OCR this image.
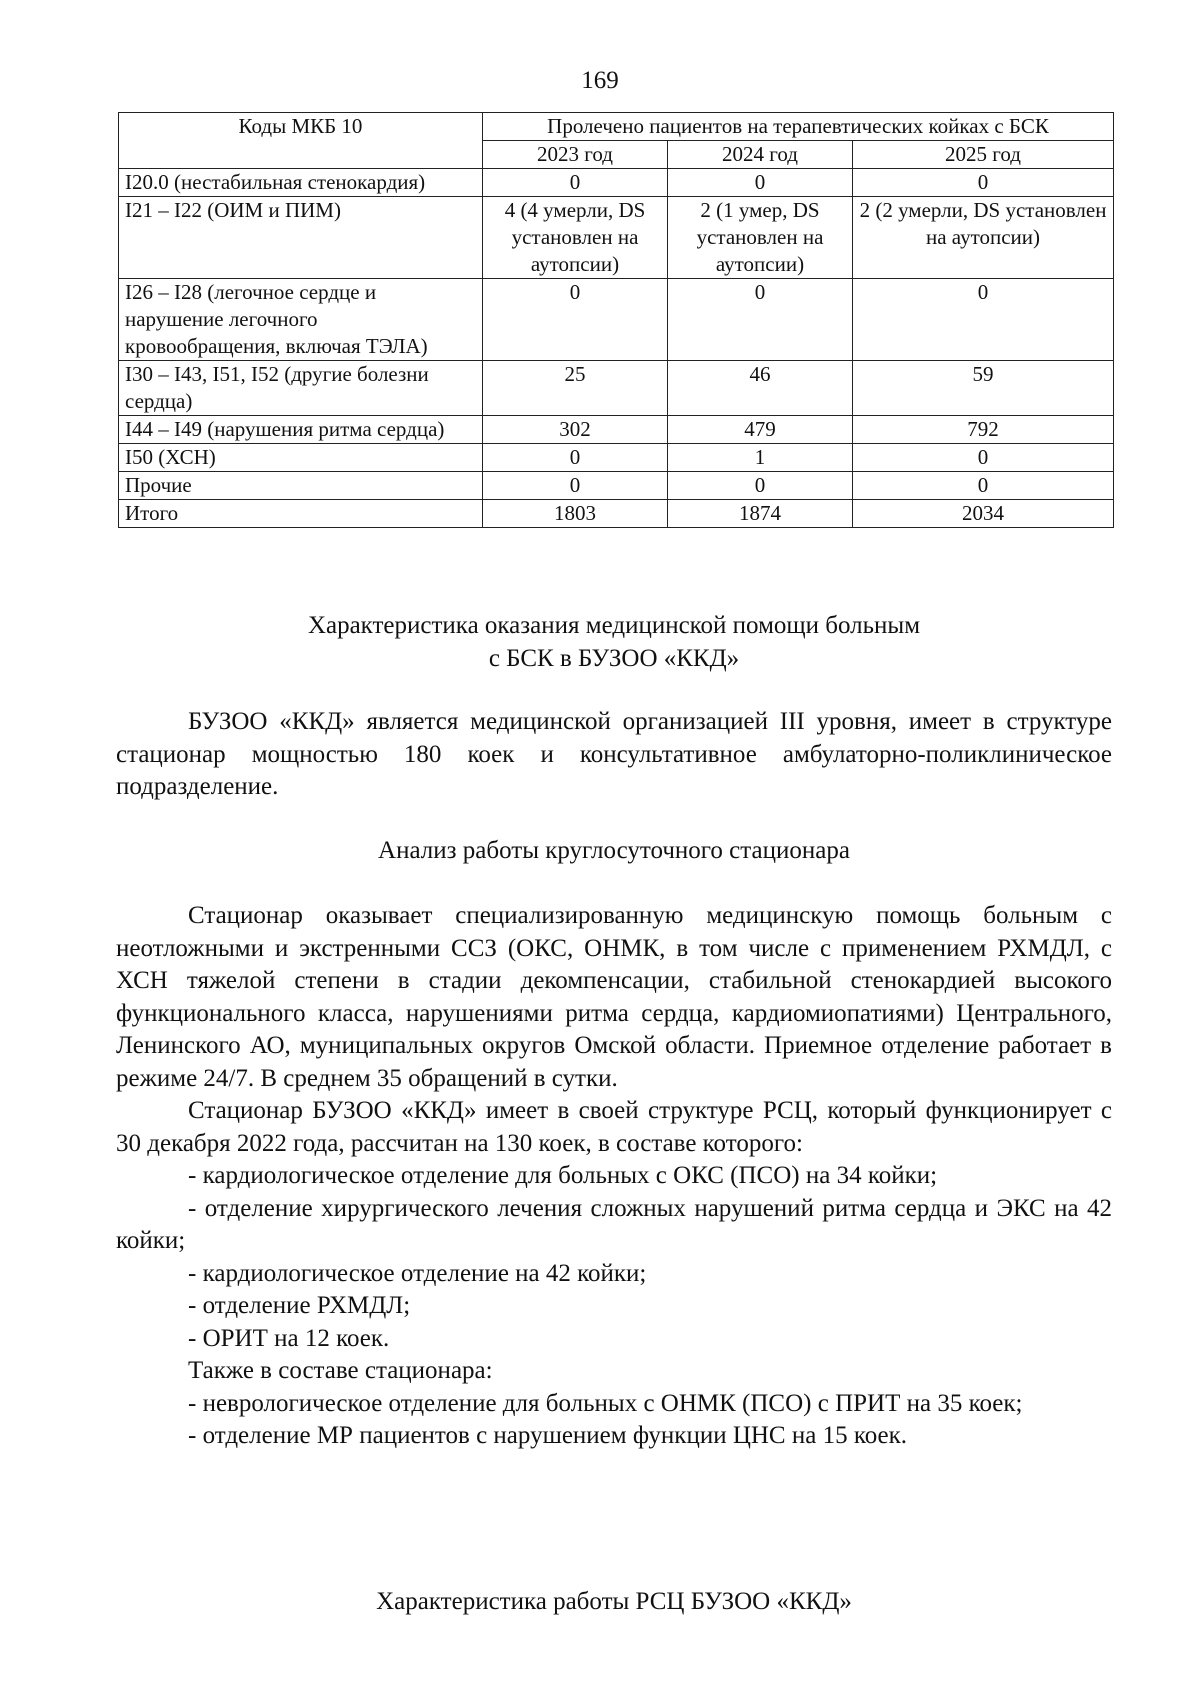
169
Коды МКБ 10	Пролечено пациентов на терапевтических койках с БСК		
	2023 год	2024 год	2025 год
I20.0 (нестабильная стенокардия)	0	0	0
I21 – I22 (ОИМ и ПИМ)	4 (4 умерли, DS установлен на аутопсии)	2 (1 умер, DS установлен на аутопсии)	2 (2 умерли, DS установлен на аутопсии)
I26 – I28 (легочное сердце и нарушение легочного кровообращения, включая ТЭЛА)	0	0	0
I30 – I43, I51, I52 (другие болезни сердца)	25	46	59
I44 – I49 (нарушения ритма сердца)	302	479	792
I50 (ХСН)	0	1	0
Прочие	0	0	0
Итого	1803	1874	2034

Характеристика оказания медицинской помощи больным

с БСК в БУЗОО «ККД»

БУЗОО «ККД» является медицинской организацией III уровня, имеет в структуре стационар мощностью 180 коек и консультативное амбулаторно-поликлиническое подразделение.

Анализ работы круглосуточного стационара

Стационар оказывает специализированную медицинскую помощь больным с неотложными и экстренными ССЗ (ОКС, ОНМК, в том числе с применением РХМДЛ, с ХСН тяжелой степени в стадии декомпенсации, стабильной стенокардией высокого функционального класса, нарушениями ритма сердца, кардиомиопатиями) Центрального, Ленинского АО, муниципальных округов Омской области. Приемное отделение работает в режиме 24/7. В среднем 35 обращений в сутки.

Стационар БУЗОО «ККД» имеет в своей структуре РСЦ, который функционирует с 30 декабря 2022 года, рассчитан на 130 коек, в составе которого:

- кардиологическое отделение для больных с ОКС (ПСО) на 34 койки;

- отделение хирургического лечения сложных нарушений ритма сердца и ЭКС на 42 койки;

- кардиологическое отделение на 42 койки;

- отделение РХМДЛ;

- ОРИТ на 12 коек.

Также в составе стационара:

- неврологическое отделение для больных с ОНМК (ПСО) с ПРИТ на 35 коек;

- отделение МР пациентов с нарушением функции ЦНС на 15 коек.

Характеристика работы РСЦ БУЗОО «ККД»
